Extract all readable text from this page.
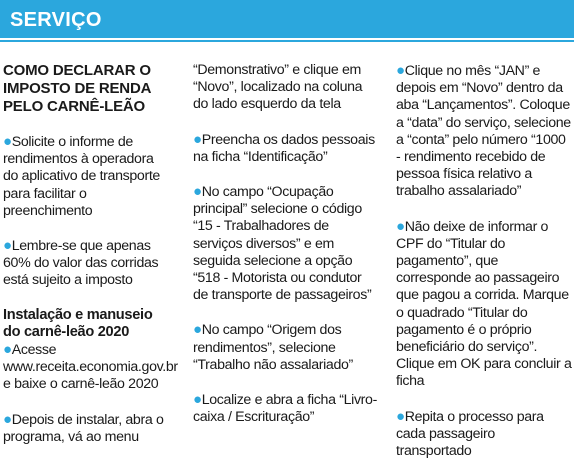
SERVIÇO

COMO DECLARAR O IMPOSTO DE RENDA PELO CARNÊ-LEÃO

●Solicite o informe de rendimentos à operadora do aplicativo de transporte para facilitar o preenchimento

●Lembre-se que apenas 60% do valor das corridas está sujeito a imposto

Instalação e manuseio do carnê-leão 2020

●Acesse www.receita.economia.gov.br e baixe o carnê-leão 2020

●Depois de instalar, abra o programa, vá ao menu

“Demonstrativo” e clique em “Novo”, localizado na coluna do lado esquerdo da tela

●Preencha os dados pessoais na ficha “Identificação”

●No campo “Ocupação principal” selecione o código “15 - Trabalhadores de serviços diversos” e em seguida selecione a opção “518 - Motorista ou condutor de transporte de passageiros”

●No campo “Origem dos rendimentos”, selecione “Trabalho não assalariado”

●Localize e abra a ficha “Livro-caixa / Escrituração”

●Clique no mês “JAN” e depois em “Novo” dentro da aba “Lançamentos”. Coloque a “data” do serviço, selecione a “conta” pelo número “1000 - rendimento recebido de pessoa física relativo a trabalho assalariado”

●Não deixe de informar o CPF do “Titular do pagamento”, que corresponde ao passageiro que pagou a corrida. Marque o quadrado “Titular do pagamento é o próprio beneficiário do serviço”. Clique em OK para concluir a ficha

●Repita o processo para cada passageiro transportado
